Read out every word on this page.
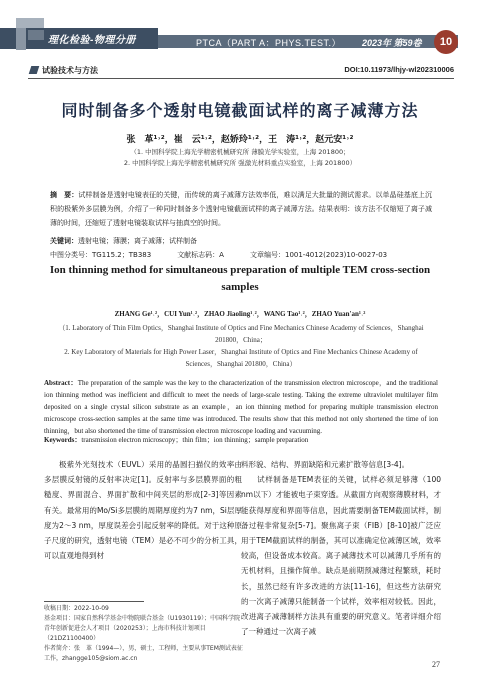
理化检验-物理分册	PTCA（PART A：PHYS.TEST.） 2023年 第59卷	10
试验技术与方法	DOI:10.11973/lhjy-wl202310006
同时制备多个透射电镜截面试样的离子减薄方法
张　革¹˒²，崔　云¹˒²，赵娇玲¹˒²，王　涛¹˒²，赵元安¹˒²
（1. 中国科学院上海光学精密机械研究所 薄膜光学实验室，上海 201800；
2. 中国科学院上海光学精密机械研究所 强激光材料重点实验室，上海 201800）
摘　要：试样制备是透射电镜表征的关键，而传统的离子减薄方法效率低，难以满足大批量的测试需求。以单晶硅基底上沉积的极紫外多层膜为例，介绍了一种同时制备多个透射电镜截面试样的离子减薄方法。结果表明：该方法不仅缩短了离子减薄的时间，还缩短了透射电镜装取试样与抽真空的时间。
关键词：透射电镜；薄膜；离子减薄；试样制备
中图分类号：TG115.2；TB383	文献标志码：A	文章编号：1001-4012(2023)10-0027-03
Ion thinning method for simultaneous preparation of multiple TEM cross-section samples
ZHANG Ge¹˒²，CUI Yun¹˒²，ZHAO Jiaoling¹˒²，WANG Tao¹˒²，ZHAO Yuan'an¹˒²
（1. Laboratory of Thin Film Optics，Shanghai Institute of Optics and Fine Mechanics Chinese Academy of Sciences，Shanghai 201800，China；
2. Key Laboratory of Materials for High Power Laser，Shanghai Institute of Optics and Fine Mechanics Chinese Academy of Sciences，Shanghai 201800，China）
Abstract：The preparation of the sample was the key to the characterization of the transmission electron microscope，and the traditional ion thinning method was inefficient and difficult to meet the needs of large-scale testing. Taking the extreme ultraviolet multilayer film deposited on a single crystal silicon substrate as an example，an ion thinning method for preparing multiple transmission electron microscope cross-section samples at the same time was introduced. The results show that this method not only shortened the time of ion thinning，but also shortened the time of transmission electron microscope loading and vacuuming.
Keywords：transmission electron microscopy；thin film；ion thinning；sample preparation
极紫外光刻技术（EUVL）采用的晶圆扫描仪的效率由多层膜反射镜的反射率决定[1]。反射率与多层膜界面的粗糙度、界面混合、界面扩散和中间夹层的形成[2-3]等因素有关。最常用的Mo/Si多层膜的周期厚度约为7 nm，Si层厚度为2～3 nm，厚度误差会引起反射率的降低。对于这种原子尺度的研究，透射电镜（TEM）是必不可少的分析工具，可以直观地得到材
料形貌、结构、界面缺陷和元素扩散等信息[3-4]。
　　试样制备是TEM表征的关键，试样必须足够薄（100 nm以下）才能被电子束穿透。从截面方向观察薄膜材料，才能获得厚度和界面等信息，因此需要制备TEM截面试样，制备过程非常复杂[5-7]。聚焦离子束（FIB）[8-10]被广泛应用于TEM截面试样的制备，其可以准确定位减薄区域，效率较高，但设备成本较高。离子减薄技术可以减薄几乎所有的无机材料，且操作简单。缺点是前期预减薄过程繁琐，耗时长，虽然已经有许多改进的方法[11-16]，但这些方法研究的一次离子减薄只能制备一个试样，效率相对较低。因此，改进离子减薄制样方法具有重要的研究意义。笔者详细介绍了一种通过一次离子减
收稿日期：2022-10-09
基金项目：国家自然科学基金中物院联合基金（U1930119）；中国科学院青年创新促进会人才项目（2020253）；上海市科技计划项目（21DZ1100400）
作者简介：张　革（1994—），男，硕士，工程师，主要从事TEM测试表征工作，zhangge105@siom.ac.cn
27
